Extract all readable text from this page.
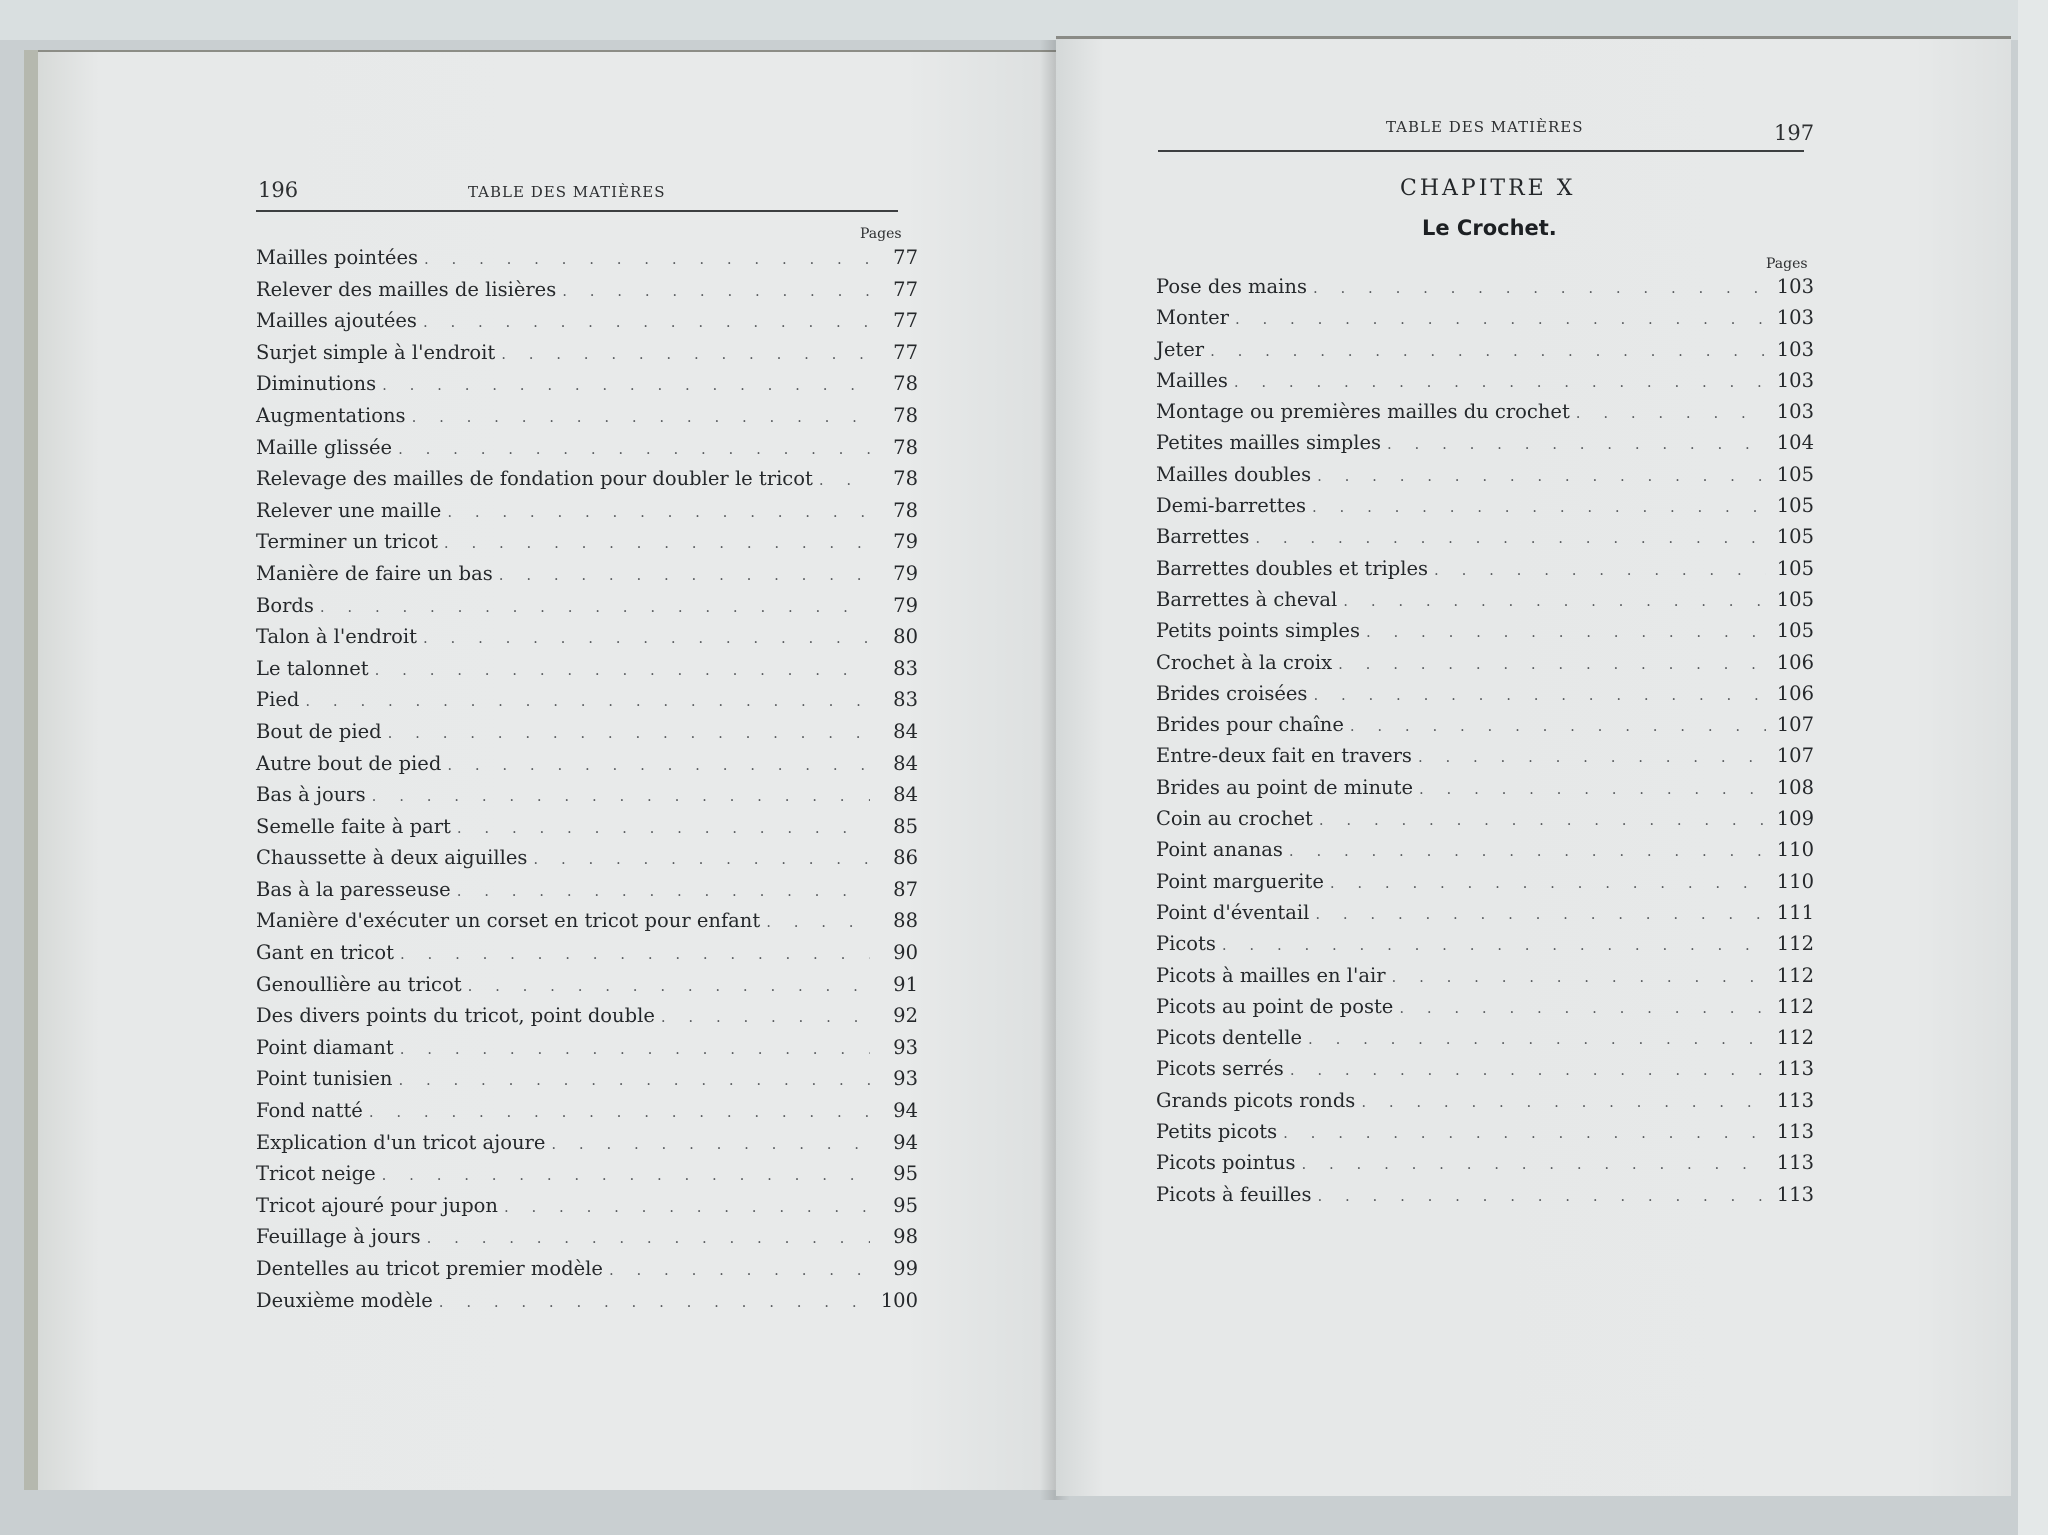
196	TABLE DES MATIÈRES
Pages
Mailles pointées . . .	77
Relever des mailles de lisières . . .	77
Mailles ajoutées . . .	77
Surjet simple à l'endroit . . .	77
Diminutions . . .	78
Augmentations . . .	78
Maille glissée . . .	78
Relevage des mailles de fondation pour doubler le tricot . . .	78
Relever une maille . . .	78
Terminer un tricot . . .	79
Manière de faire un bas . . .	79
Bords . . .	79
Talon à l'endroit . . .	80
Le talonnet . . .	83
Pied . . .	83
Bout de pied . . .	84
Autre bout de pied . . .	84
Bas à jours . . .	84
Semelle faite à part . . .	85
Chaussette à deux aiguilles . . .	86
Bas à la paresseuse . . .	87
Manière d'exécuter un corset en tricot pour enfant . . .	88
Gant en tricot . . .	90
Genoullière au tricot . . .	91
Des divers points du tricot, point double . . .	92
Point diamant . . .	93
Point tunisien . . .	93
Fond natté . . .	94
Explication d'un tricot ajoure . . .	94
Tricot neige . . .	95
Tricot ajouré pour jupon . . .	95
Feuillage à jours . . .	98
Dentelles au tricot premier modèle . . .	99
Deuxième modèle . . .	100
TABLE DES MATIÈRES	197
CHAPITRE X
Le Crochet.
Pages
Pose des mains . . .	103
Monter . . .	103
Jeter . . .	103
Mailles . . .	103
Montage ou premières mailles du crochet . . .	103
Petites mailles simples . . .	104
Mailles doubles . . .	105
Demi-barrettes . . .	105
Barrettes . . .	105
Barrettes doubles et triples . . .	105
Barrettes à cheval . . .	105
Petits points simples . . .	105
Crochet à la croix . . .	106
Brides croisées . . .	106
Brides pour chaîne . . .	107
Entre-deux fait en travers . . .	107
Brides au point de minute . . .	108
Coin au crochet . . .	109
Point ananas . . .	110
Point marguerite . . .	110
Point d'éventail . . .	111
Picots . . .	112
Picots à mailles en l'air . . .	112
Picots au point de poste . . .	112
Picots dentelle . . .	112
Picots serrés . . .	113
Grands picots ronds . . .	113
Petits picots . . .	113
Picots pointus . . .	113
Picots à feuilles . . .	113
